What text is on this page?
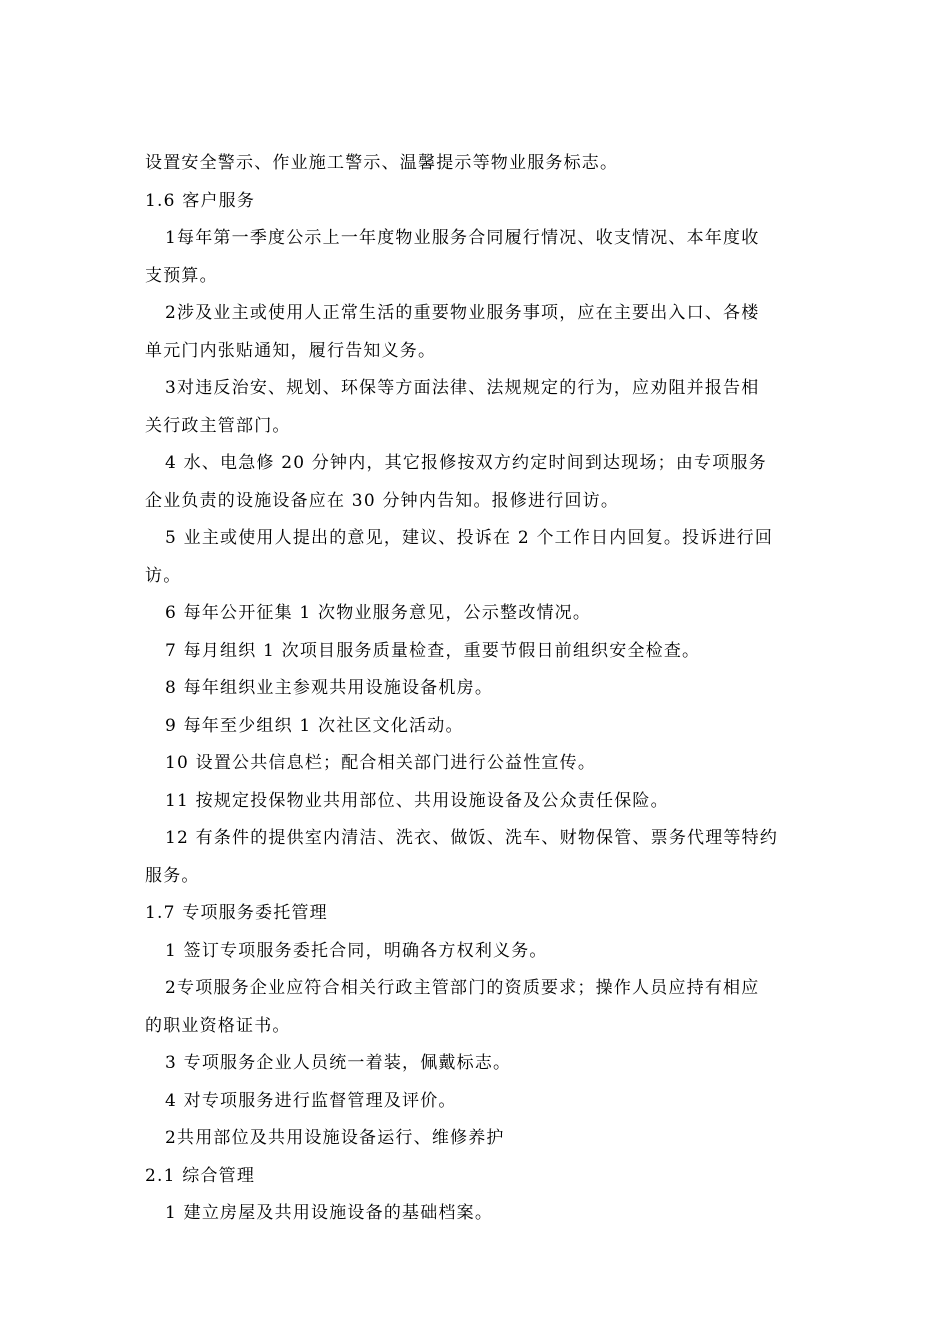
设置安全警示、作业施工警示、温馨提示等物业服务标志。
1.6 客户服务
1每年第一季度公示上一年度物业服务合同履行情况、收支情况、本年度收
支预算。
2涉及业主或使用人正常生活的重要物业服务事项，应在主要出入口、各楼
单元门内张贴通知，履行告知义务。
3对违反治安、规划、环保等方面法律、法规规定的行为，应劝阻并报告相
关行政主管部门。
4 水、电急修 20 分钟内，其它报修按双方约定时间到达现场；由专项服务
企业负责的设施设备应在 30 分钟内告知。报修进行回访。
5 业主或使用人提出的意见，建议、投诉在 2 个工作日内回复。投诉进行回
访。
6 每年公开征集 1 次物业服务意见，公示整改情况。
7 每月组织 1 次项目服务质量检查，重要节假日前组织安全检查。
8 每年组织业主参观共用设施设备机房。
9 每年至少组织 1 次社区文化活动。
10 设置公共信息栏；配合相关部门进行公益性宣传。
11 按规定投保物业共用部位、共用设施设备及公众责任保险。
12 有条件的提供室内清洁、洗衣、做饭、洗车、财物保管、票务代理等特约
服务。
1.7 专项服务委托管理
1 签订专项服务委托合同，明确各方权利义务。
2专项服务企业应符合相关行政主管部门的资质要求；操作人员应持有相应
的职业资格证书。
3 专项服务企业人员统一着装，佩戴标志。
4 对专项服务进行监督管理及评价。
2共用部位及共用设施设备运行、维修养护
2.1 综合管理
1 建立房屋及共用设施设备的基础档案。
